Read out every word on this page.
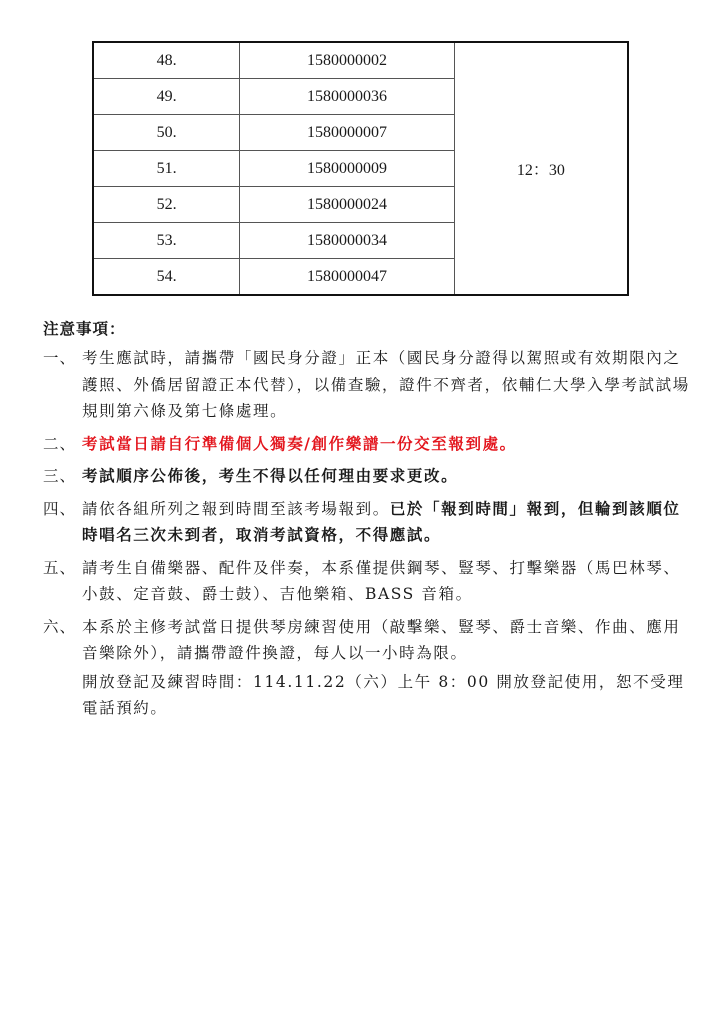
48.	1580000002	12：30
49.	1580000036	
50.	1580000007	
51.	1580000009	
52.	1580000024	
53.	1580000034	
54.	1580000047	
注意事項：
一、 考生應試時，請攜帶「國民身分證」正本（國民身分證得以駕照或有效期限內之護照、外僑居留證正本代替），以備查驗，證件不齊者，依輔仁大學入學考試試場規則第六條及第七條處理。
二、 考試當日請自行準備個人獨奏/創作樂譜一份交至報到處。
三、 考試順序公佈後，考生不得以任何理由要求更改。
四、 請依各組所列之報到時間至該考場報到。已於「報到時間」報到，但輪到該順位時唱名三次未到者，取消考試資格，不得應試。
五、 請考生自備樂器、配件及伴奏，本系僅提供鋼琴、豎琴、打擊樂器（馬巴林琴、小鼓、定音鼓、爵士鼓）、吉他樂箱、BASS 音箱。
六、 本系於主修考試當日提供琴房練習使用（敲擊樂、豎琴、爵士音樂、作曲、應用音樂除外），請攜帶證件換證，每人以一小時為限。
開放登記及練習時間：114.11.22（六）上午 8：00 開放登記使用，恕不受理電話預約。
